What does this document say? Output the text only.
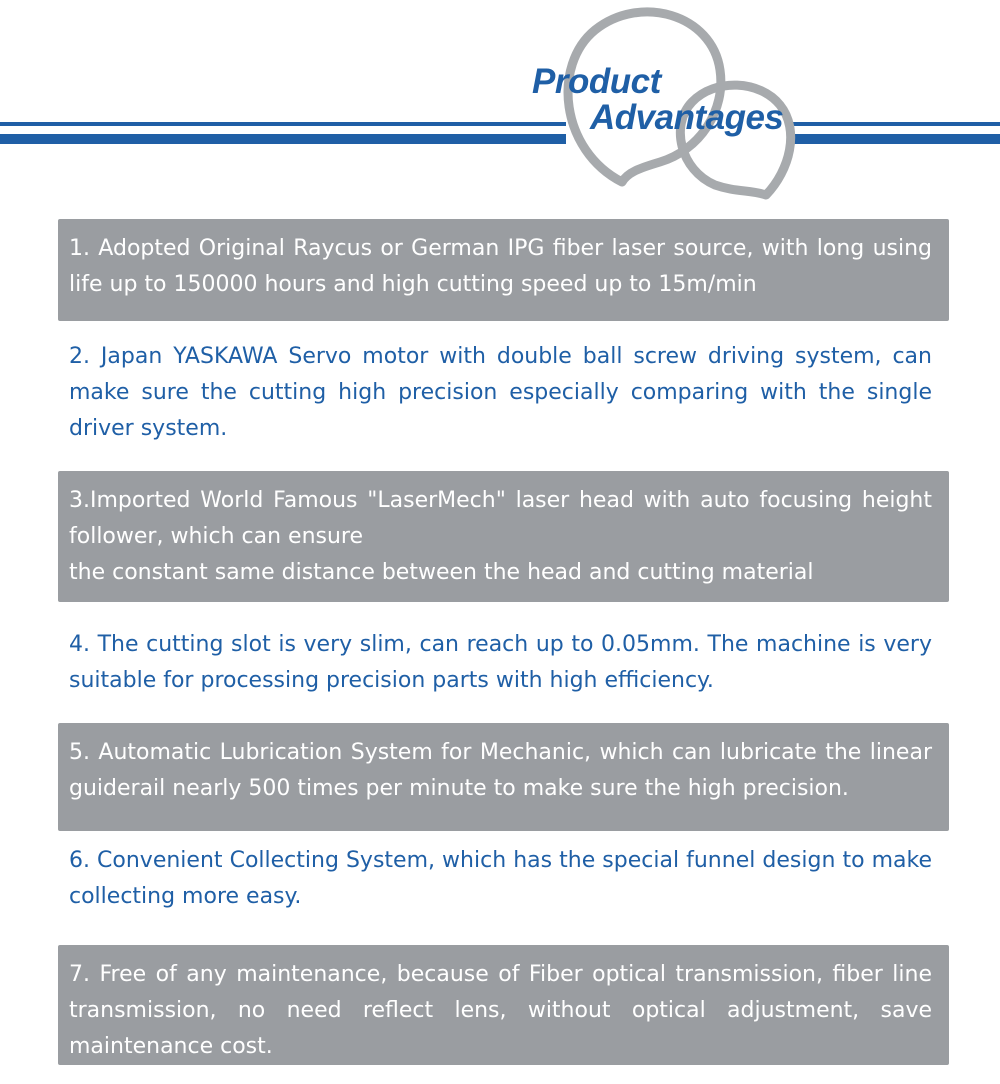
Product
Advantages

1. Adopted Original Raycus or German IPG fiber laser source, with long using life up to 150000 hours and high cutting speed up to 15m/min

2. Japan YASKAWA Servo motor with double ball screw driving system, can make sure the cutting high precision especially comparing with the single driver system.

3.Imported World Famous "LaserMech" laser head with auto focusing height follower, which can ensure

the constant same distance between the head and cutting material

4. The cutting slot is very slim, can reach up to 0.05mm. The machine is very suitable for processing precision parts with high efficiency.

5. Automatic Lubrication System for Mechanic, which can lubricate the linear guiderail nearly 500 times per minute to make sure the high precision.

6. Convenient Collecting System, which has the special funnel design to make collecting more easy.

7. Free of any maintenance, because of Fiber optical transmission, fiber line transmission, no need reflect lens, without optical adjustment, save maintenance cost.
